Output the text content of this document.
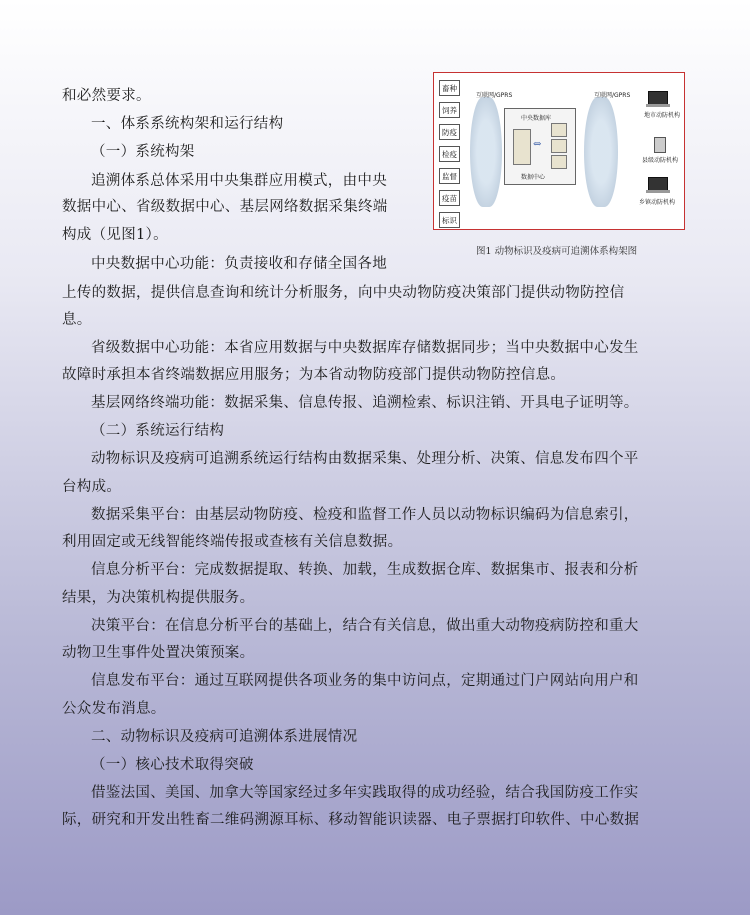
和必然要求。
一、体系系统构架和运行结构
（一）系统构架
追溯体系总体采用中央集群应用模式，由中央
数据中心、省级数据中心、基层网络数据采集终端
构成（见图1）。
中央数据中心功能：负责接收和存储全国各地
上传的数据，提供信息查询和统计分析服务，向中央动物防疫决策部门提供动物防控信
息。
省级数据中心功能：本省应用数据与中央数据库存储数据同步；当中央数据中心发生
故障时承担本省终端数据应用服务；为本省动物防疫部门提供动物防控信息。
基层网络终端功能：数据采集、信息传报、追溯检索、标识注销、开具电子证明等。
（二）系统运行结构
动物标识及疫病可追溯系统运行结构由数据采集、处理分析、决策、信息发布四个平
台构成。
数据采集平台：由基层动物防疫、检疫和监督工作人员以动物标识编码为信息索引，
利用固定或无线智能终端传报或查核有关信息数据。
信息分析平台：完成数据提取、转换、加载，生成数据仓库、数据集市、报表和分析
结果，为决策机构提供服务。
决策平台：在信息分析平台的基础上，结合有关信息，做出重大动物疫病防控和重大
动物卫生事件处置决策预案。
信息发布平台：通过互联网提供各项业务的集中访问点，定期通过门户网站向用户和
公众发布消息。
二、动物标识及疫病可追溯体系进展情况
（一）核心技术取得突破
借鉴法国、美国、加拿大等国家经过多年实践取得的成功经验，结合我国防疫工作实
际，研究和开发出牲畜二维码溯源耳标、移动智能识读器、电子票据打印软件、中心数据
畜种
饲养
防疫
检疫
监督
疫苗
标识
互联网/GPRS	互联网/GPRS
中央数据库
⇔
数据中心
地市动防机构
县级动防机构
乡镇动防机构
图1 动物标识及疫病可追溯体系构架图
